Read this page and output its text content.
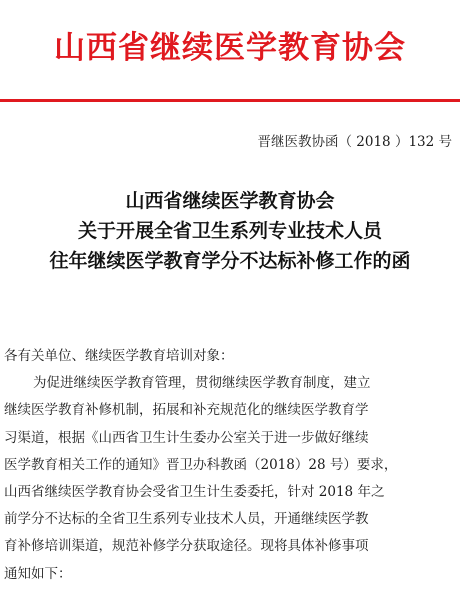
山西省继续医学教育协会
晋继医教协函（ 2018 ）132 号
山西省继续医学教育协会
关于开展全省卫生系列专业技术人员
往年继续医学教育学分不达标补修工作的函
各有关单位、继续医学教育培训对象：
为促进继续医学教育管理，贯彻继续医学教育制度，建立
继续医学教育补修机制，拓展和补充规范化的继续医学教育学
习渠道，根据《山西省卫生计生委办公室关于进一步做好继续
医学教育相关工作的通知》晋卫办科教函（2018）28 号）要求，
山西省继续医学教育协会受省卫生计生委委托，针对 2018 年之
前学分不达标的全省卫生系列专业技术人员，开通继续医学教
育补修培训渠道，规范补修学分获取途径。现将具体补修事项
通知如下：
